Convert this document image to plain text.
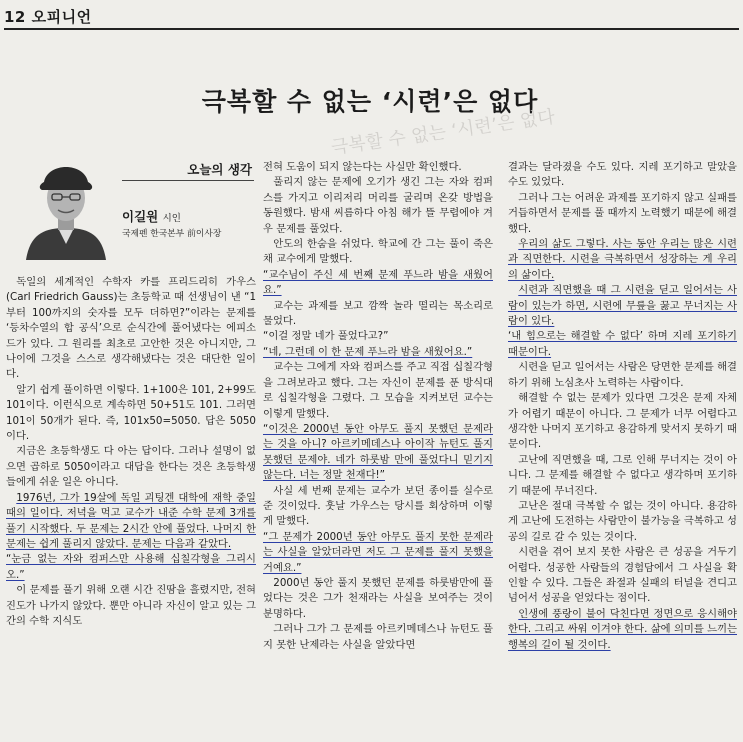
12 오피니언
극복할 수 없는 ‘시련’은 없다
극복할 수 없는 ‘시련’은 없다
오늘의 생각
이길원 시인
국제펜 한국본부 前이사장

독일의 세계적인 수학자 카를 프리드리히 가우스(Carl Friedrich Gauss)는 초등학교 때 선생님이 낸 “1부터 100까지의 숫자를 모두 더하면?”이라는 문제를 ‘등차수열의 합 공식’으로 순식간에 풀어냈다는 에피소드가 있다. 그 원리를 최초로 고안한 것은 아니지만, 그 나이에 그것을 스스로 생각해냈다는 것은 대단한 일이다.

알기 쉽게 풀이하면 이렇다. 1+100은 101, 2+99도 101이다. 이런식으로 계속하면 50+51도 101. 그러면 101이 50개가 된다. 즉, 101x50=5050. 답은 5050이다.

지금은 초등학생도 다 아는 답이다. 그러나 설명이 없으면 곱하로 5050이라고 대답을 한다는 것은 초등학생들에게 쉬운 일은 아니다.

1976년, 그가 19살에 독일 괴팅겐 대학에 재학 중일 때의 일이다. 저녁을 먹고 교수가 내준 수학 문제 3개를 풀기 시작했다. 두 문제는 2시간 안에 풀었다. 나머지 한 문제는 쉽게 풀리지 않았다. 문제는 다음과 같았다.

“눈금 없는 자와 컴퍼스만 사용해 십칠각형을 그리시오.”

이 문제를 풀기 위해 오랜 시간 진땀을 흘렸지만, 전혀 진도가 나가지 않았다. 뿐만 아니라 자신이 알고 있는 그간의 수학 지식도

전혀 도움이 되지 않는다는 사실만 확인했다.

풀리지 않는 문제에 오기가 생긴 그는 자와 컴퍼스를 가지고 이리저리 머리를 굴리며 온갖 방법을 동원했다. 밤새 씨름하다 아침 해가 뜰 무렵에야 겨우 문제를 풀었다.

안도의 한숨을 쉬었다. 학교에 간 그는 풀이 죽은 채 교수에게 말했다.

“교수님이 주신 세 번째 문제 푸느라 밤을 새웠어요.”

교수는 과제를 보고 깜짝 놀라 떨리는 목소리로 물었다.

“이걸 정말 네가 풀었다고?”

“네, 그런데 이 한 문제 푸느라 밤을 새웠어요.”

교수는 그에게 자와 컴퍼스를 주고 직접 십칠각형을 그려보라고 했다. 그는 자신이 문제를 푼 방식대로 십칠각형을 그렸다. 그 모습을 지켜보던 교수는 이렇게 말했다.

“이것은 2000년 동안 아무도 풀지 못했던 문제라는 것을 아니? 아르키메데스나 아이작 뉴턴도 풀지 못했던 문제야. 네가 하룻밤 만에 풀었다니 믿기지 않는다. 너는 정말 천재다!”

사실 세 번째 문제는 교수가 보던 종이를 실수로 준 것이었다. 훗날 가우스는 당시를 회상하며 이렇게 말했다.

“그 문제가 2000년 동안 아무도 풀지 못한 문제라는 사실을 알았더라면 저도 그 문제를 풀지 못했을 거예요.”

2000년 동안 풀지 못했던 문제를 하룻밤만에 풀었다는 것은 그가 천재라는 사실을 보여주는 것이 분명하다.

그러나 그가 그 문제를 아르키메데스나 뉴턴도 풀지 못한 난제라는 사실을 알았다면

결과는 달라졌을 수도 있다. 지레 포기하고 말았을 수도 있었다.

그러나 그는 어려운 과제를 포기하지 않고 실패를 거듭하면서 문제를 풀 때까지 노력했기 때문에 해결했다.

우리의 삶도 그렇다. 사는 동안 우리는 많은 시련과 직면한다. 시련을 극복하면서 성장하는 게 우리의 삶이다.

시련과 직면했을 때 그 시련을 딛고 일어서는 사람이 있는가 하면, 시련에 무릎을 꿇고 무너지는 사람이 있다.

‘내 힘으로는 해결할 수 없다’ 하며 지레 포기하기 때문이다.

시련을 딛고 일어서는 사람은 당면한 문제를 해결하기 위해 노심초사 노력하는 사람이다.

해결할 수 없는 문제가 있다면 그것은 문제 자체가 어렵기 때문이 아니다. 그 문제가 너무 어렵다고 생각한 나머지 포기하고 용감하게 맞서지 못하기 때문이다.

고난에 직면했을 때, 그로 인해 무너지는 것이 아니다. 그 문제를 해결할 수 없다고 생각하며 포기하기 때문에 무너진다.

고난은 절대 극복할 수 없는 것이 아니다. 용감하게 고난에 도전하는 사람만이 불가능을 극복하고 성공의 길로 갈 수 있는 것이다.

시련을 겪어 보지 못한 사람은 큰 성공을 거두기 어렵다. 성공한 사람들의 경험담에서 그 사실을 확인할 수 있다. 그들은 좌절과 실패의 터널을 견디고 넘어서 성공을 얻었다는 점이다.

인생에 풍랑이 불어 닥친다면 정면으로 응시해야 한다. 그리고 싸워 이겨야 한다. 삶에 의미를 느끼는 행복의 길이 될 것이다.
